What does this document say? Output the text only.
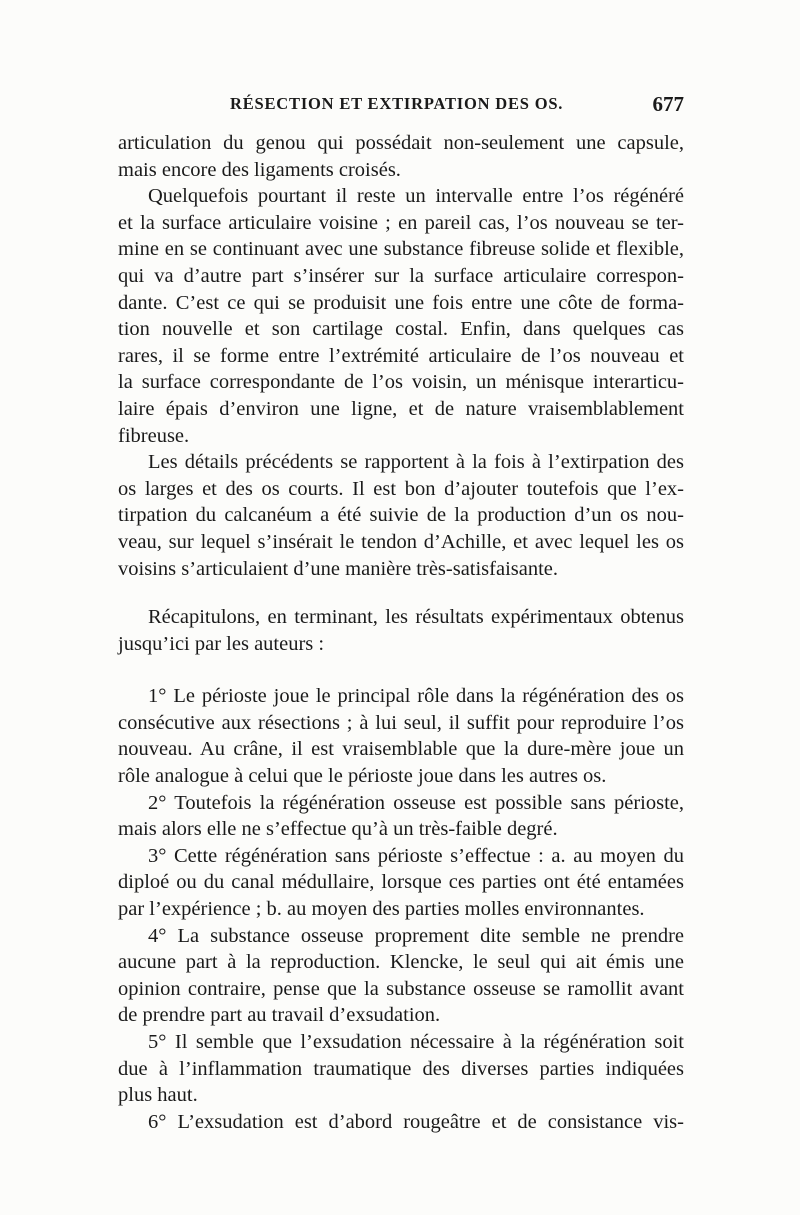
RÉSECTION ET EXTIRPATION DES OS.	677

articulation du genou qui possédait non-seulement une capsule,

mais encore des ligaments croisés.

Quelquefois pourtant il reste un intervalle entre l’os régénéré

et la surface articulaire voisine ; en pareil cas, l’os nouveau se ter-

mine en se continuant avec une substance fibreuse solide et flexible,

qui va d’autre part s’insérer sur la surface articulaire correspon-

dante. C’est ce qui se produisit une fois entre une côte de forma-

tion nouvelle et son cartilage costal. Enfin, dans quelques cas

rares, il se forme entre l’extrémité articulaire de l’os nouveau et

la surface correspondante de l’os voisin, un ménisque interarticu-

laire épais d’environ une ligne, et de nature vraisemblablement

fibreuse.

Les détails précédents se rapportent à la fois à l’extirpation des

os larges et des os courts. Il est bon d’ajouter toutefois que l’ex-

tirpation du calcanéum a été suivie de la production d’un os nou-

veau, sur lequel s’insérait le tendon d’Achille, et avec lequel les os

voisins s’articulaient d’une manière très-satisfaisante.

Récapitulons, en terminant, les résultats expérimentaux obtenus

jusqu’ici par les auteurs :

1° Le périoste joue le principal rôle dans la régénération des os

consécutive aux résections ; à lui seul, il suffit pour reproduire l’os

nouveau. Au crâne, il est vraisemblable que la dure-mère joue un

rôle analogue à celui que le périoste joue dans les autres os.

2° Toutefois la régénération osseuse est possible sans périoste,

mais alors elle ne s’effectue qu’à un très-faible degré.

3° Cette régénération sans périoste s’effectue : a. au moyen du

diploé ou du canal médullaire, lorsque ces parties ont été entamées

par l’expérience ; b. au moyen des parties molles environnantes.

4° La substance osseuse proprement dite semble ne prendre

aucune part à la reproduction. Klencke, le seul qui ait émis une

opinion contraire, pense que la substance osseuse se ramollit avant

de prendre part au travail d’exsudation.

5° Il semble que l’exsudation nécessaire à la régénération soit

due à l’inflammation traumatique des diverses parties indiquées

plus haut.

6° L’exsudation est d’abord rougeâtre et de consistance vis-
